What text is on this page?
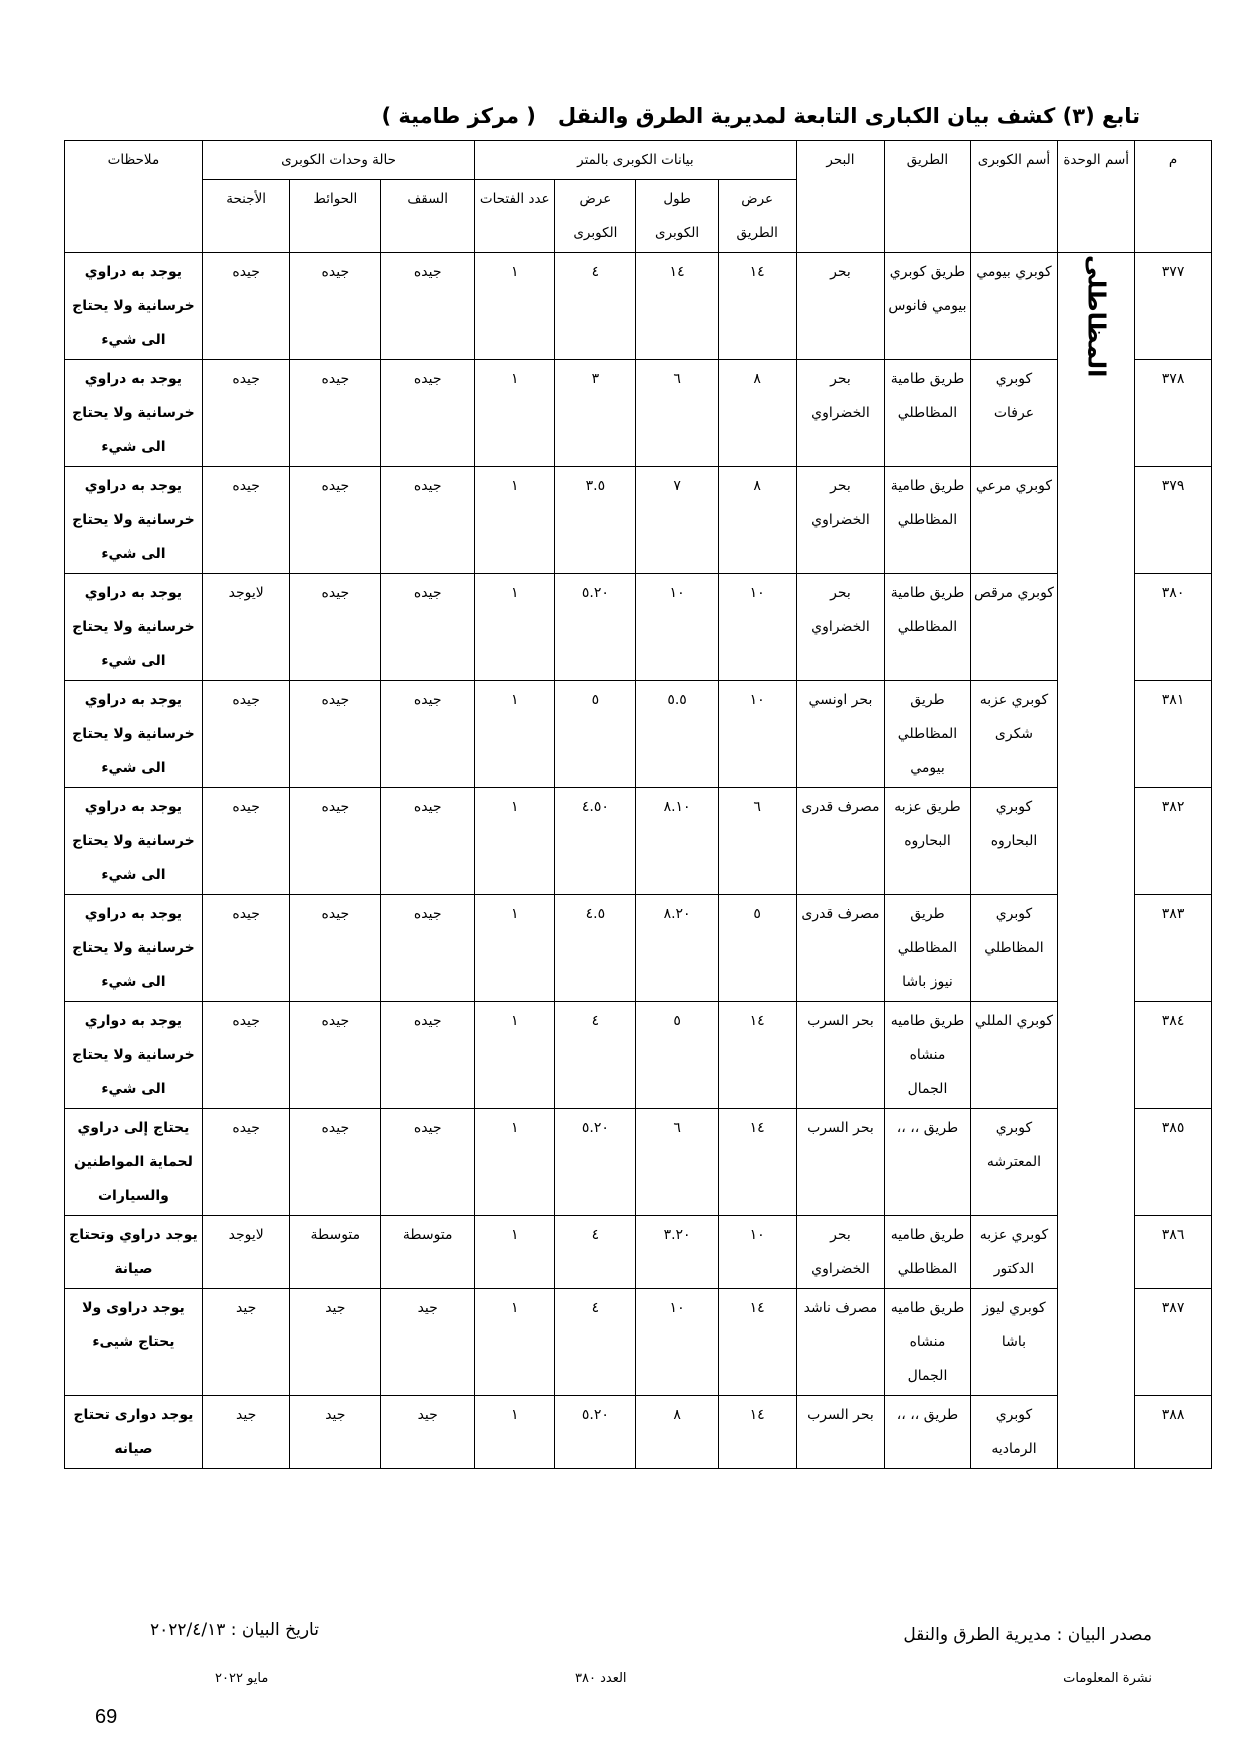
تابع (٣) كشف بيان الكبارى التابعة لمديرية الطرق والنقل( مركز طامية )
م	أسم الوحدة	أسم الكوبرى	الطريق	البحر	بيانات الكوبرى بالمتر				حالة وحدات الكوبرى			ملاحظات
					عرض الطريق	طول الكوبرى	عرض الكوبرى	عدد الفتحات	السقف	الحوائط	الأجنحة	
٣٧٧	المظاطلى	كوبري بيومي	طريق كوبري بيومي فانوس	بحر	١٤	١٤	٤	١	جيده	جيده	جيده	يوجد به دراوي خرسانية ولا يحتاج الى شيء
٣٧٨		كوبري عرفات	طريق طامية المظاطلي	بحر الخضراوي	٨	٦	٣	١	جيده	جيده	جيده	يوجد به دراوي خرسانية ولا يحتاج الى شيء
٣٧٩		كوبري مرعي	طريق طامية المظاطلي	بحر الخضراوي	٨	٧	٣.٥	١	جيده	جيده	جيده	يوجد به دراوي خرسانية ولا يحتاج الى شيء
٣٨٠		كوبري مرقص	طريق طامية المظاطلي	بحر الخضراوي	١٠	١٠	٥.٢٠	١	جيده	جيده	لايوجد	يوجد به دراوي خرسانية ولا يحتاج الى شيء
٣٨١		كوبري عزبه شكرى	طريق المظاطلي بيومي	بحر اونسي	١٠	٥.٥	٥	١	جيده	جيده	جيده	يوجد به دراوي خرسانية ولا يحتاج الى شيء
٣٨٢		كوبري البحاروه	طريق عزبه البحاروه	مصرف قدرى	٦	٨.١٠	٤.٥٠	١	جيده	جيده	جيده	يوجد به دراوي خرسانية ولا يحتاج الى شيء
٣٨٣		كوبري المظاطلي	طريق المظاطلي نيوز باشا	مصرف قدرى	٥	٨.٢٠	٤.٥	١	جيده	جيده	جيده	يوجد به دراوي خرسانية ولا يحتاج الى شيء
٣٨٤		كوبري المللي	طريق طاميه منشاه الجمال	بحر السرب	١٤	٥	٤	١	جيده	جيده	جيده	يوجد به دواري خرسانية ولا يحتاج الى شيء
٣٨٥		كوبري المعترشه	طريق ،، ،،	بحر السرب	١٤	٦	٥.٢٠	١	جيده	جيده	جيده	يحتاج إلى دراوي لحماية المواطنين والسيارات
٣٨٦		كوبري عزبه الدكتور	طريق طاميه المظاطلي	بحر الخضراوي	١٠	٣.٢٠	٤	١	متوسطة	متوسطة	لايوجد	يوجد دراوي وتحتاج صيانة
٣٨٧		كوبري ليوز باشا	طريق طاميه منشاه الجمال	مصرف ناشد	١٤	١٠	٤	١	جيد	جيد	جيد	يوجد دراوى ولا يحتاج شيىء
٣٨٨		كوبري الرماديه	طريق ،، ،،	بحر السرب	١٤	٨	٥.٢٠	١	جيد	جيد	جيد	يوجد دوارى تحتاج صيانه
مصدر البيان : مديرية الطرق والنقل
تاريخ البيان : ٢٠٢٢/٤/١٣
نشرة المعلومات
العدد ٣٨٠
مايو ٢٠٢٢
69
